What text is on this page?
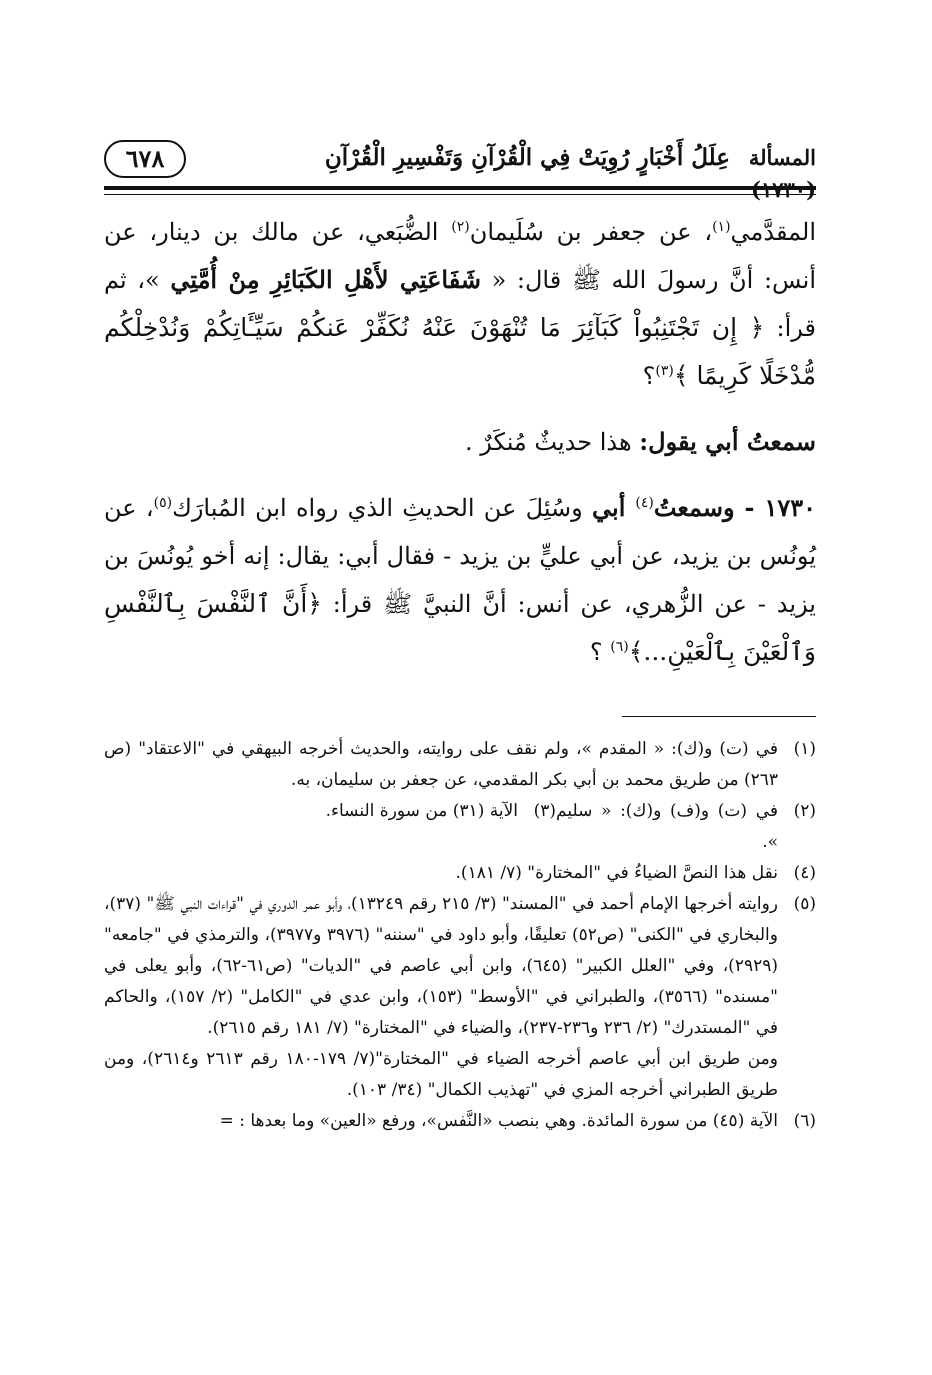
٦٧٨	عِلَلُ أَخْبَارٍ رُوِيَتْ فِي الْقُرْآنِ وَتَفْسِيرِ الْقُرْآنِ المسألة

المقدَّمي$^{(١)}$، عن جعفر بن سُلَيمان$^{(٢)}$ الضُّبَعي، عن مالك بن دينار، عن أنس: أنَّ رسولَ الله ﷺ قال: « شَفَاعَتِي لأَهْلِ الكَبَائِرِ مِنْ أُمَّتِي »، ثم قرأ: ﴿ إِن تَجْتَنِبُواْ كَبَآئِرَ مَا تُنْهَوْنَ عَنْهُ نُكَفِّرْ عَنكُمْ سَيِّـَٔاتِكُمْ وَنُدْخِلْكُم مُّدْخَلًا كَرِيمًا ﴾$^{(٣)}$؟

سمعتُ أبي يقول: هذا حديثٌ مُنكَرٌ .

١٧٣٠ - وسمعتُ$^{(٤)}$ أبي وسُئِلَ عن الحديثِ الذي رواه ابن المُبارَك$^{(٥)}$، عن يُونُس بن يزيد، عن أبي عليٍّ بن يزيد - فقال أبي: يقال: إنه أخو يُونُسَ بن يزيد - عن الزُّهري، عن أنس: أنَّ النبيَّ ﷺ قرأ: ﴿أَنَّ ٱلنَّفْسَ بِٱلنَّفْسِ وَٱلْعَيْنَ بِٱلْعَيْنِ...﴾$^{(٦)}$ ؟

(١)
في (ت) و(ك): « المقدم »، ولم نقف على روايته، والحديث أخرجه البيهقي في "الاعتقاد" (ص ٢٦٣) من طريق محمد بن أبي بكر المقدمي، عن جعفر بن سليمان، به.
(٢)
في (ت) و(ف) و(ك): « سليم ».
(٣)
الآية (٣١) من سورة النساء.
(٤)
نقل هذا النصَّ الضياءُ في "المختارة" (٧/ ١٨١).
(٥)
روايته أخرجها الإمام أحمد في "المسند" (٣/ ٢١٥ رقم ١٣٢٤٩)، وأبو عمر الدوري في "قراءات النبي ﷺ" (٣٧)، والبخاري في "الكنى" (ص٥٢) تعليقًا، وأبو داود في "سننه" (٣٩٧٦ و٣٩٧٧)، والترمذي في "جامعه" (٢٩٢٩)، وفي "العلل الكبير" (٦٤٥)، وابن أبي عاصم في "الديات" (ص٦١-٦٢)، وأبو يعلى في "مسنده" (٣٥٦٦)، والطبراني في "الأوسط" (١٥٣)، وابن عدي في "الكامل" (٢/ ١٥٧)، والحاكم في "المستدرك" (٢/ ٢٣٦ و٢٣٦-٢٣٧)، والضياء في "المختارة" (٧/ ١٨١ رقم ٢٦١٥).
ومن طريق ابن أبي عاصم أخرجه الضياء في "المختارة"(٧/ ١٧٩-١٨٠ رقم ٢٦١٣ و٢٦١٤)، ومن طريق الطبراني أخرجه المزي في "تهذيب الكمال" (٣٤/ ١٠٣).
(٦)
الآية (٤٥) من سورة المائدة. وهي بنصب «النَّفس»، ورفع «العين» وما بعدها : =
